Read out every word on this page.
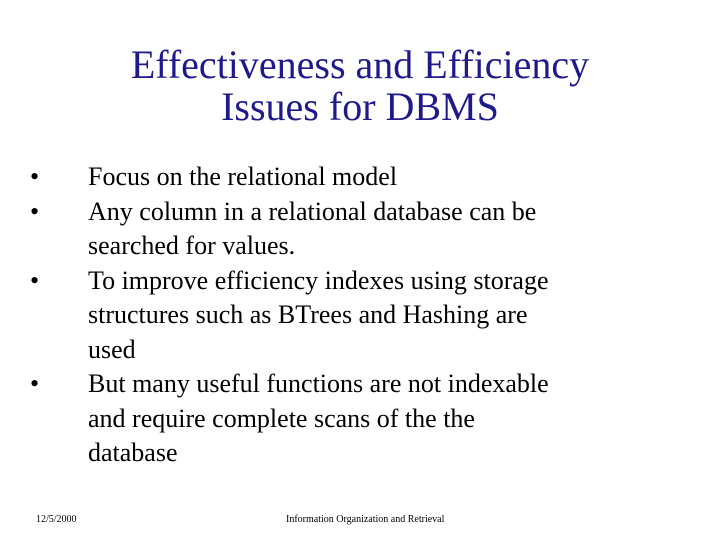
Effectiveness and Efficiency
Issues for DBMS
•	Focus on the relational model
•	Any column in a relational database can be
searched for values.
•	To improve efficiency indexes using storage
structures such as BTrees and Hashing are
used
•	But many useful functions are not indexable
and require complete scans of the the
database
12/5/2000	Information Organization and Retrieval
